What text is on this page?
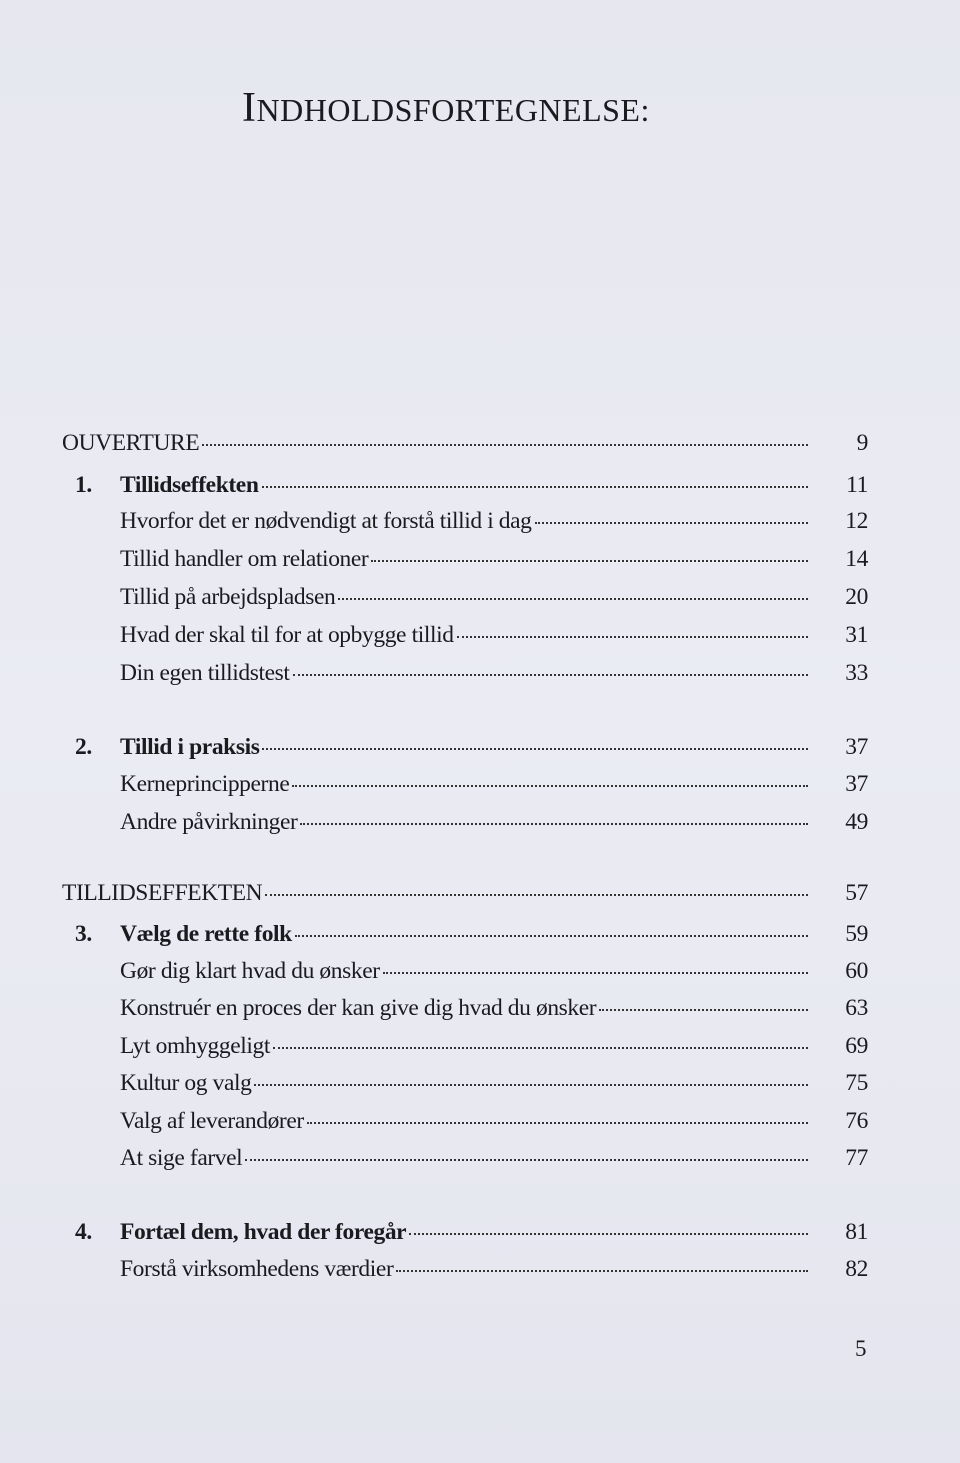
INDHOLDSFORTEGNELSE:
OUVERTURE	9
1.	Tillidseffekten	11
Hvorfor det er nødvendigt at forstå tillid i dag	12
Tillid handler om relationer	14
Tillid på arbejdspladsen	20
Hvad der skal til for at opbygge tillid	31
Din egen tillidstest	33
2.	Tillid i praksis	37
Kerneprincipperne	37
Andre påvirkninger	49
TILLIDSEFFEKTEN	57
3.	Vælg de rette folk	59
Gør dig klart hvad du ønsker	60
Konstruér en proces der kan give dig hvad du ønsker	63
Lyt omhyggeligt	69
Kultur og valg	75
Valg af leverandører	76
At sige farvel	77
4.	Fortæl dem, hvad der foregår	81
Forstå virksomhedens værdier	82
5
